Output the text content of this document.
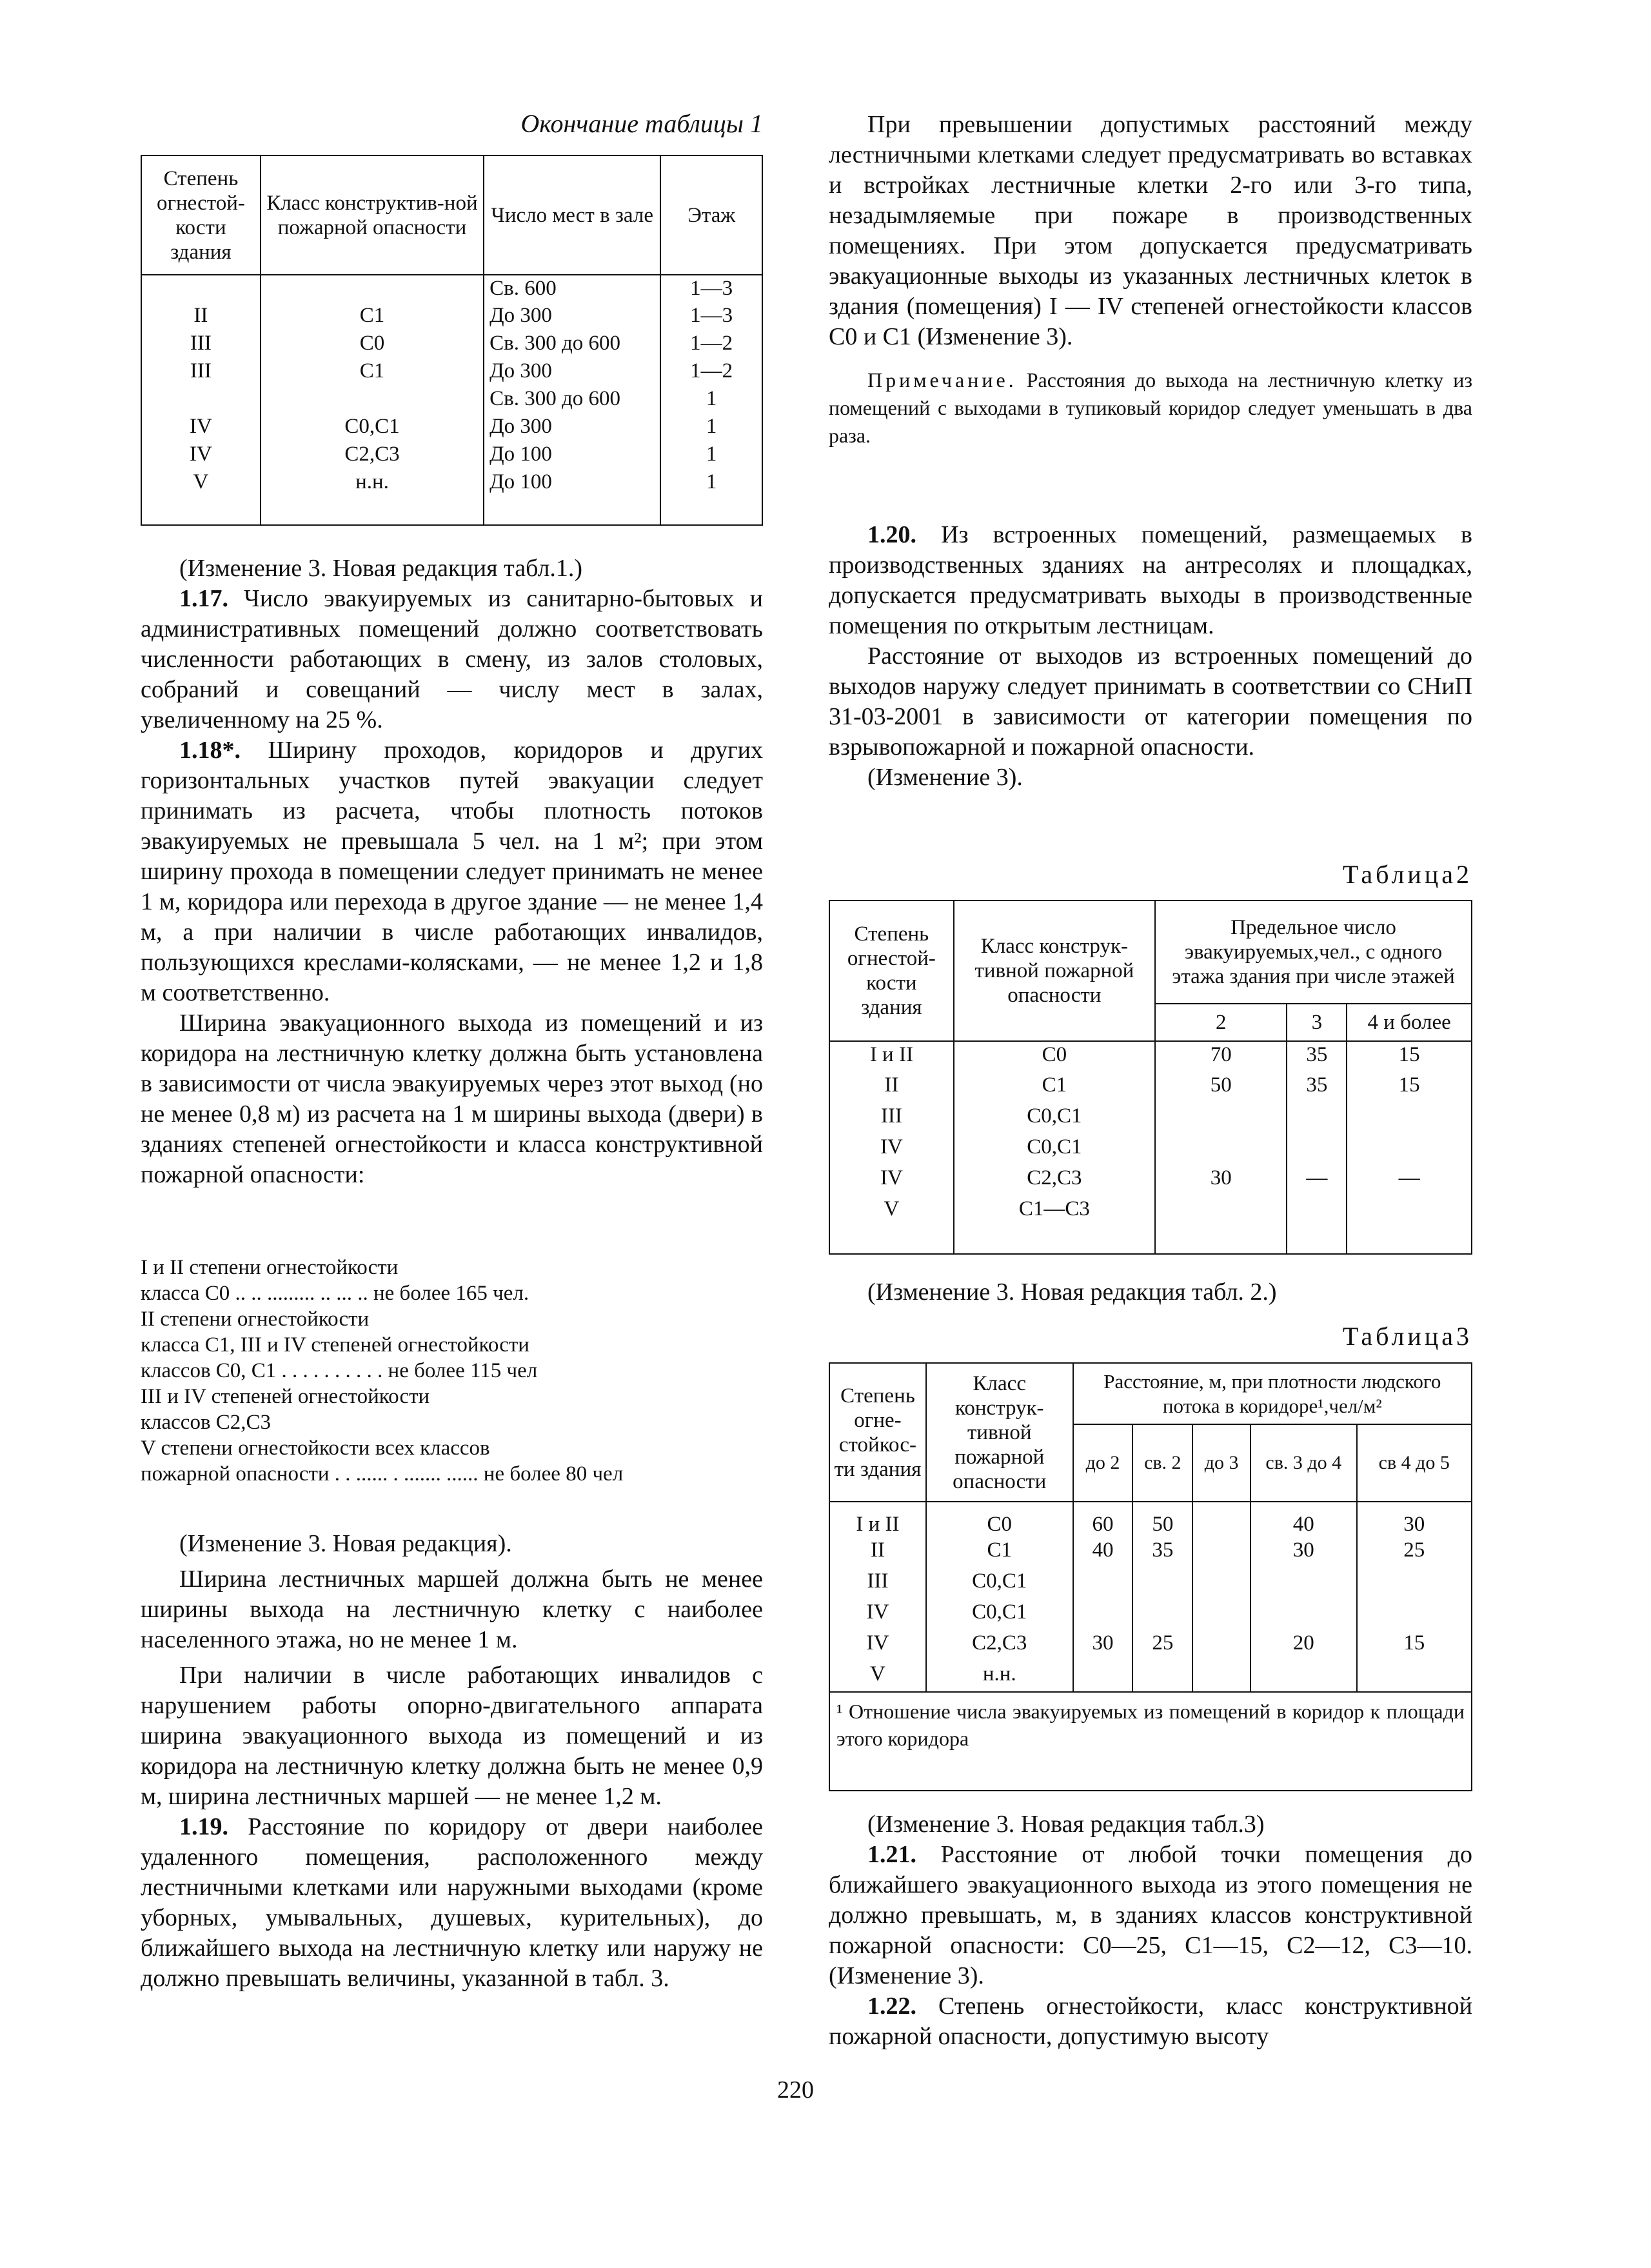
Окончание таблицы 1

Степень огнестой-кости здания	Класс конструктив-ной пожарной опасности	Число мест в зале	Этаж
		Св. 600	1—3
II	C1	До 300	1—3
III	C0	Св. 300 до 600	1—2
III	C1	До 300	1—2
		Св. 300 до 600	1
IV	C0,C1	До 300	1
IV	C2,C3	До 100	1
V	н.н.	До 100	1

(Изменение 3. Новая редакция табл.1.)

1.17. Число эвакуируемых из санитарно-бытовых и административных помещений должно соответствовать численности работающих в смену, из залов столовых, собраний и совещаний — числу мест в залах, увеличенному на 25 %.

1.18*. Ширину проходов, коридоров и других горизонтальных участков путей эвакуации следует принимать из расчета, чтобы плотность потоков эвакуируемых не превышала 5 чел. на 1 м²; при этом ширину прохода в помещении следует принимать не менее 1 м, коридора или перехода в другое здание — не менее 1,4 м, а при наличии в числе работающих инвалидов, пользующихся креслами-колясками, — не менее 1,2 и 1,8 м соответственно.

Ширина эвакуационного выхода из помещений и из коридора на лестничную клетку должна быть установлена в зависимости от числа эвакуируемых через этот выход (но не менее 0,8 м) из расчета на 1 м ширины выхода (двери) в зданиях степеней огнестойкости и класса конструктивной пожарной опасности:

I и II степени огнестойкости
класса C0 .. .. ......... .. ... .. не более 165 чел.
II степени огнестойкости
класса C1, III и IV степеней огнестойкости
классов C0, C1 . . . . . . . . . . не более 115 чел
III и IV степеней огнестойкости
классов C2,C3
V степени огнестойкости всех классов
пожарной опасности . . ...... . ....... ...... не более 80 чел

(Изменение 3. Новая редакция).

Ширина лестничных маршей должна быть не менее ширины выхода на лестничную клетку с наиболее населенного этажа, но не менее 1 м.

При наличии в числе работающих инвалидов с нарушением работы опорно-двигательного аппарата ширина эвакуационного выхода из помещений и из коридора на лестничную клетку должна быть не менее 0,9 м, ширина лестничных маршей — не менее 1,2 м.

1.19. Расстояние по коридору от двери наиболее удаленного помещения, расположенного между лестничными клетками или наружными выходами (кроме уборных, умывальных, душевых, курительных), до ближайшего выхода на лестничную клетку или наружу не должно превышать величины, указанной в табл. 3.

При превышении допустимых расстояний между лестничными клетками следует предусматривать во вставках и встройках лестничные клетки 2-го или 3-го типа, незадымляемые при пожаре в производственных помещениях. При этом допускается предусматривать эвакуационные выходы из указанных лестничных клеток в здания (помещения) I — IV степеней огнестойкости классов C0 и C1 (Изменение 3).

Примечание. Расстояния до выхода на лестничную клетку из помещений с выходами в тупиковый коридор следует уменьшать в два раза.

1.20. Из встроенных помещений, размещаемых в производственных зданиях на антресолях и площадках, допускается предусматривать выходы в производственные помещения по открытым лестницам.

Расстояние от выходов из встроенных помещений до выходов наружу следует принимать в соответствии со СНиП 31-03-2001 в зависимости от категории помещения по взрывопожарной и пожарной опасности.

(Изменение 3).

Таблица2

Степень огнестой-кости здания	Класс конструк-тивной пожарной опасности	Предельное число эвакуируемых,чел., с одного этажа здания при числе этажей		
		2	3	4 и более
I и II	C0	70	35	15
II	C1	50	35	15
III	C0,C1			
IV	C0,C1			
IV	C2,C3	30	—	—
V	C1—C3			

(Изменение 3. Новая редакция табл. 2.)

Таблица3

Степень огне-стойкос-ти здания	Класс конструк-тивной пожарной опасности	Расстояние, м, при плотности людского потока в коридоре¹,чел/м²				
		до 2	св. 2	до 3	св. 3 до 4	св 4 до 5
I и II	C0	60	50		40	30
II	C1	40	35		30	25
III	C0,C1					
IV	C0,C1					
IV	C2,C3	30	25		20	15
V	н.н.					
¹ Отношение числа эвакуируемых из помещений в коридор к площади этого коридора						

(Изменение 3. Новая редакция табл.3)

1.21. Расстояние от любой точки помещения до ближайшего эвакуационного выхода из этого помещения не должно превышать, м, в зданиях классов конструктивной пожарной опасности: C0—25, C1—15, C2—12, C3—10. (Изменение 3).

1.22. Степень огнестойкости, класс конструктивной пожарной опасности, допустимую высоту

220
